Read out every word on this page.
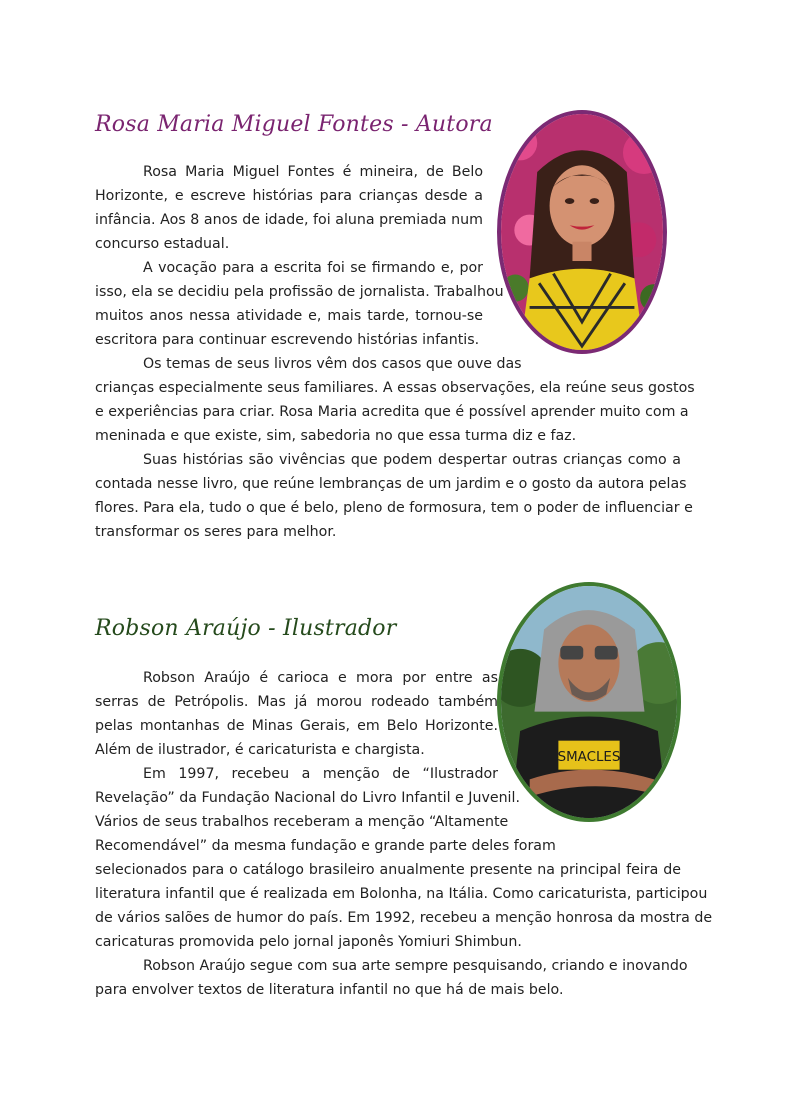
Rosa Maria Miguel Fontes - Autora
Rosa Maria Miguel Fontes é mineira, de Belo
Horizonte, e escreve histórias para crianças desde a
infância. Aos 8 anos de idade, foi aluna premiada num
concurso estadual.
A vocação para a escrita foi se firmando e, por
isso, ela se decidiu pela profissão de jornalista. Trabalhou
muitos anos nessa atividade e, mais tarde, tornou-se
escritora para continuar escrevendo histórias infantis.
Os temas de seus livros vêm dos casos que ouve das
crianças especialmente seus familiares. A essas observações, ela reúne seus gostos
e experiências para criar. Rosa Maria acredita que é possível aprender muito com a
meninada e que existe, sim, sabedoria no que essa turma diz e faz.
Suas histórias são vivências que podem despertar outras crianças como a
contada nesse livro, que reúne lembranças de um jardim e o gosto da autora pelas
flores. Para ela, tudo o que é belo, pleno de formosura, tem o poder de influenciar e
transformar os seres para melhor.
Robson Araújo - Ilustrador
SMACLES
Robson Araújo é carioca e mora por entre as
serras de Petrópolis. Mas já morou rodeado também
pelas montanhas de Minas Gerais, em Belo Horizonte.
Além de ilustrador, é caricaturista e chargista.
Em 1997, recebeu a menção de “Ilustrador
Revelação” da Fundação Nacional do Livro Infantil e Juvenil.
Vários de seus trabalhos receberam a menção “Altamente
Recomendável” da mesma fundação e grande parte deles foram
selecionados para o catálogo brasileiro anualmente presente na principal feira de
literatura infantil que é realizada em Bolonha, na Itália. Como caricaturista, participou
de vários salões de humor do país. Em 1992, recebeu a menção honrosa da mostra de
caricaturas promovida pelo jornal japonês Yomiuri Shimbun.
Robson Araújo segue com sua arte sempre pesquisando, criando e inovando
para envolver textos de literatura infantil no que há de mais belo.
